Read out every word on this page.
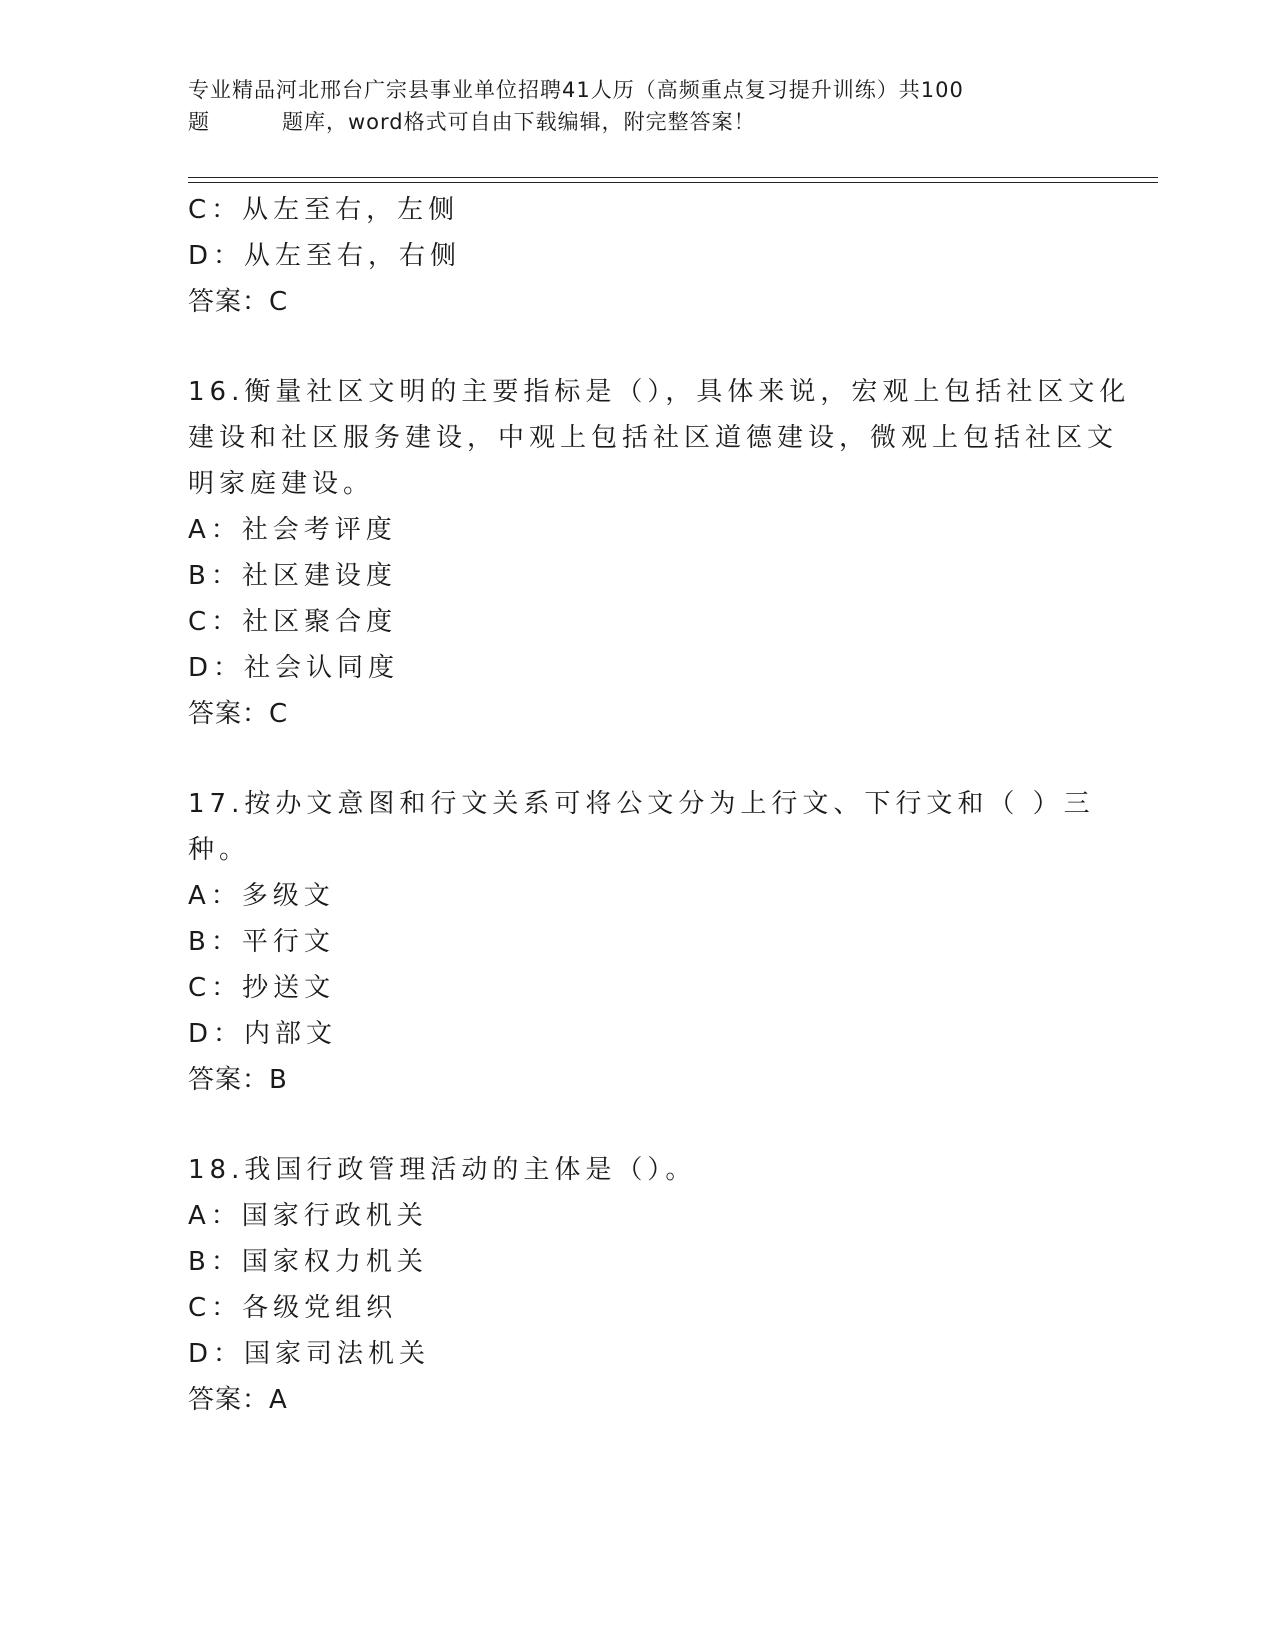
专业精品河北邢台广宗县事业单位招聘41人历（高频重点复习提升训练）共100
题	题库，word格式可自由下载编辑，附完整答案！
C：从左至右，左侧
D：从左至右，右侧
答案：C
16.衡量社区文明的主要指标是（），具体来说，宏观上包括社区文化
建设和社区服务建设，中观上包括社区道德建设，微观上包括社区文
明家庭建设。
A：社会考评度
B：社区建设度
C：社区聚合度
D：社会认同度
答案：C
17.按办文意图和行文关系可将公文分为上行文、下行文和（ ）三
种。
A：多级文
B：平行文
C：抄送文
D：内部文
答案：B
18.我国行政管理活动的主体是（）。
A：国家行政机关
B：国家权力机关
C：各级党组织
D：国家司法机关
答案：A
